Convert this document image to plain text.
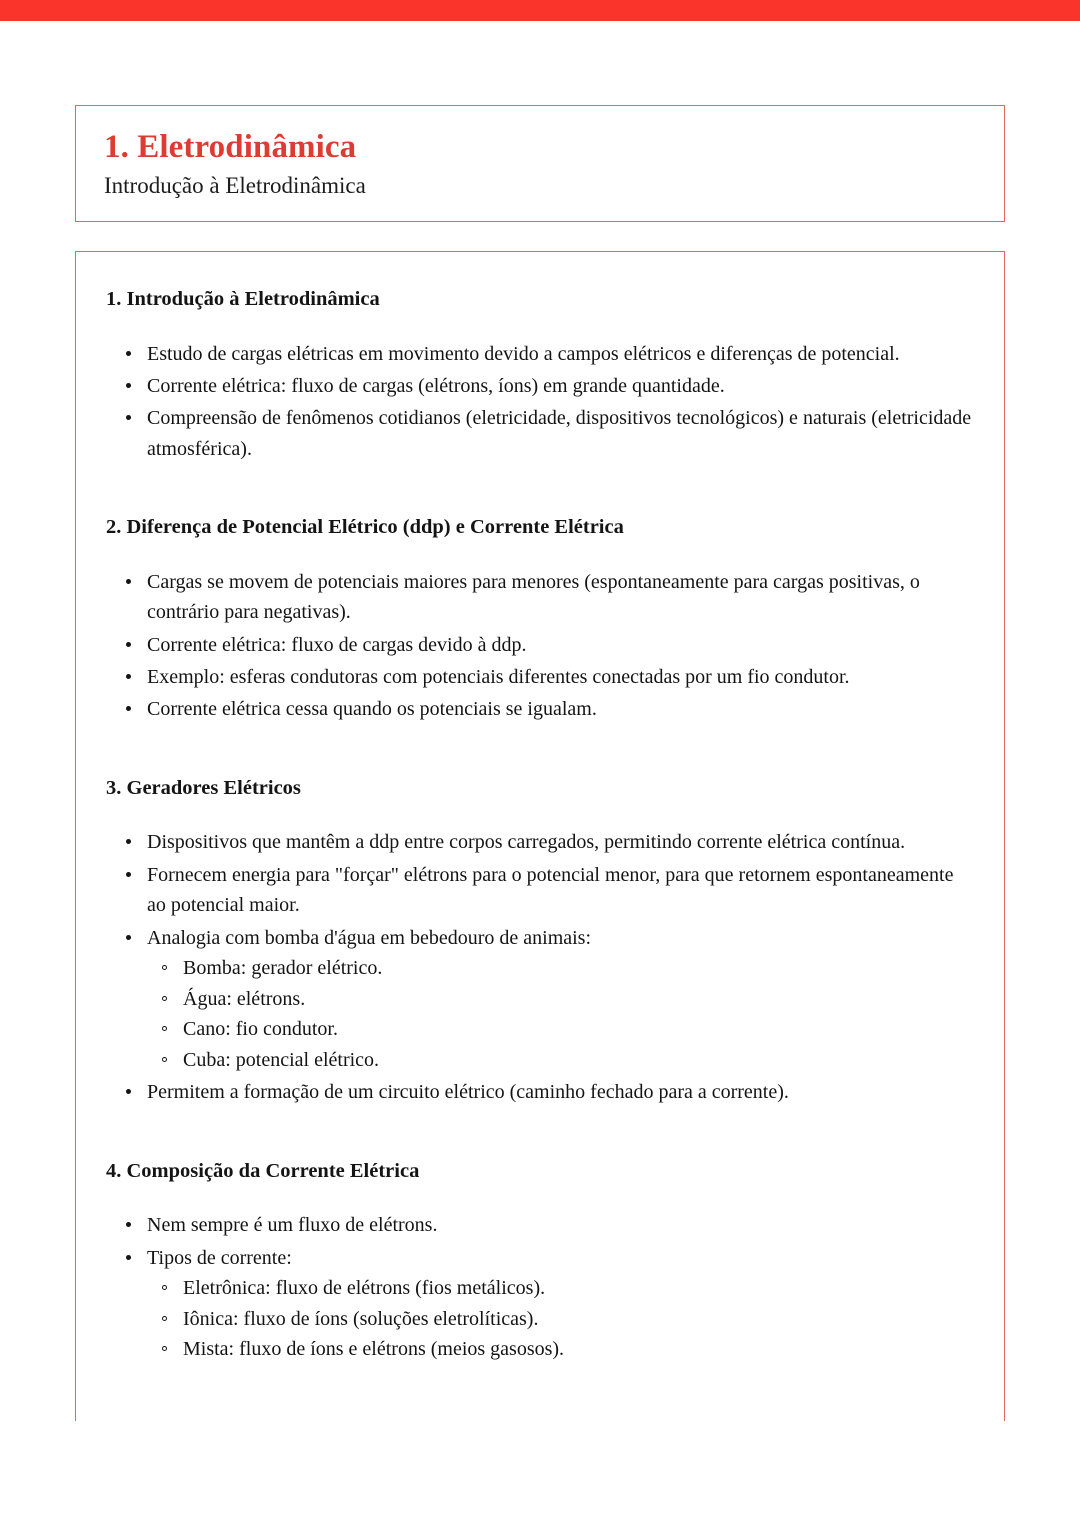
1. Eletrodinâmica
Introdução à Eletrodinâmica
1. Introdução à Eletrodinâmica
Estudo de cargas elétricas em movimento devido a campos elétricos e diferenças de potencial.
Corrente elétrica: fluxo de cargas (elétrons, íons) em grande quantidade.
Compreensão de fenômenos cotidianos (eletricidade, dispositivos tecnológicos) e naturais (eletricidade atmosférica).
2. Diferença de Potencial Elétrico (ddp) e Corrente Elétrica
Cargas se movem de potenciais maiores para menores (espontaneamente para cargas positivas, o contrário para negativas).
Corrente elétrica: fluxo de cargas devido à ddp.
Exemplo: esferas condutoras com potenciais diferentes conectadas por um fio condutor.
Corrente elétrica cessa quando os potenciais se igualam.
3. Geradores Elétricos
Dispositivos que mantêm a ddp entre corpos carregados, permitindo corrente elétrica contínua.
Fornecem energia para "forçar" elétrons para o potencial menor, para que retornem espontaneamente ao potencial maior.
Analogia com bomba d'água em bebedouro de animais:
Bomba: gerador elétrico.
Água: elétrons.
Cano: fio condutor.
Cuba: potencial elétrico.
Permitem a formação de um circuito elétrico (caminho fechado para a corrente).
4. Composição da Corrente Elétrica
Nem sempre é um fluxo de elétrons.
Tipos de corrente:
Eletrônica: fluxo de elétrons (fios metálicos).
Iônica: fluxo de íons (soluções eletrolíticas).
Mista: fluxo de íons e elétrons (meios gasosos).
